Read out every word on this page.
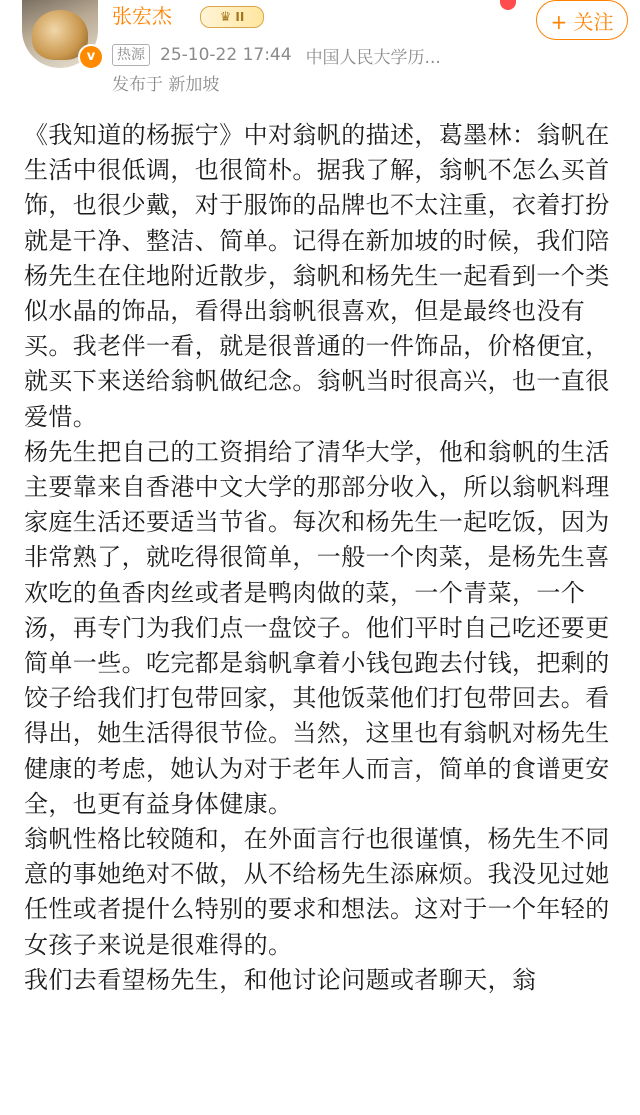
v
张宏杰	♛ II	+ 关注
热源 25-10-22 17:44 中国人民大学历...
发布于 新加坡

《我知道的杨振宁》中对翁帆的描述，葛墨林：翁帆在生活中很低调，也很简朴。据我了解，翁帆不怎么买首饰，也很少戴，对于服饰的品牌也不太注重，衣着打扮就是干净、整洁、简单。记得在新加坡的时候，我们陪杨先生在住地附近散步，翁帆和杨先生一起看到一个类似水晶的饰品，看得出翁帆很喜欢，但是最终也没有买。我老伴一看，就是很普通的一件饰品，价格便宜，就买下来送给翁帆做纪念。翁帆当时很高兴，也一直很爱惜。

杨先生把自己的工资捐给了清华大学，他和翁帆的生活主要靠来自香港中文大学的那部分收入，所以翁帆料理家庭生活还要适当节省。每次和杨先生一起吃饭，因为非常熟了，就吃得很简单，一般一个肉菜，是杨先生喜欢吃的鱼香肉丝或者是鸭肉做的菜，一个青菜，一个汤，再专门为我们点一盘饺子。他们平时自己吃还要更简单一些。吃完都是翁帆拿着小钱包跑去付钱，把剩的饺子给我们打包带回家，其他饭菜他们打包带回去。看得出，她生活得很节俭。当然，这里也有翁帆对杨先生健康的考虑，她认为对于老年人而言，简单的食谱更安全，也更有益身体健康。

翁帆性格比较随和，在外面言行也很谨慎，杨先生不同意的事她绝对不做，从不给杨先生添麻烦。我没见过她任性或者提什么特别的要求和想法。这对于一个年轻的女孩子来说是很难得的。

我们去看望杨先生，和他讨论问题或者聊天，翁
